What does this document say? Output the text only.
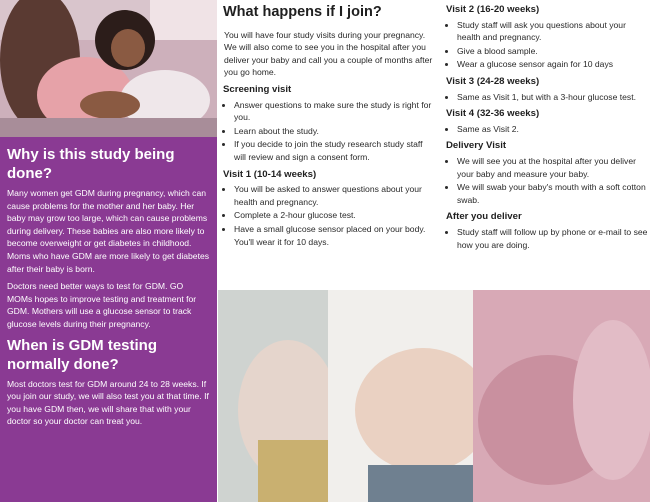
Why is this study being done?

Many women get GDM during pregnancy, which can cause problems for the mother and her baby. Her baby may grow too large, which can cause problems during delivery. These babies are also more likely to become overweight or get diabetes in childhood. Moms who have GDM are more likely to get diabetes after their baby is born.

Doctors need better ways to test for GDM. GO MOMs hopes to improve testing and treatment for GDM. Mothers will use a glucose sensor to track glucose levels during their pregnancy.

When is GDM testing normally done?

Most doctors test for GDM around 24 to 28 weeks. If you join our study, we will also test you at that time. If you have GDM then, we will share that with your doctor so your doctor can treat you.

What happens if I join?

You will have four study visits during your pregnancy. We will also come to see you in the hospital after you deliver your baby and call you a couple of months after you go home.

Screening visit
• Answer questions to make sure the study is right for you.
• Learn about the study.
• If you decide to join the study research study staff will review and sign a consent form.
Visit 1 (10-14 weeks)
• You will be asked to answer questions about your health and pregnancy.
• Complete a 2-hour glucose test.
• Have a small glucose sensor placed on your body. You'll wear it for 10 days.
Visit 2 (16-20 weeks)
• Study staff will ask you questions about your health and pregnancy.
• Give a blood sample.
• Wear a glucose sensor again for 10 days
Visit 3 (24-28 weeks)
• Same as Visit 1, but with a 3-hour glucose test.
Visit 4 (32-36 weeks)
• Same as Visit 2.
Delivery Visit
• We will see you at the hospital after you deliver your baby and measure your baby.
• We will swab your baby's mouth with a soft cotton swab.
After you deliver
• Study staff will follow up by phone or e-mail to see how you are doing.
